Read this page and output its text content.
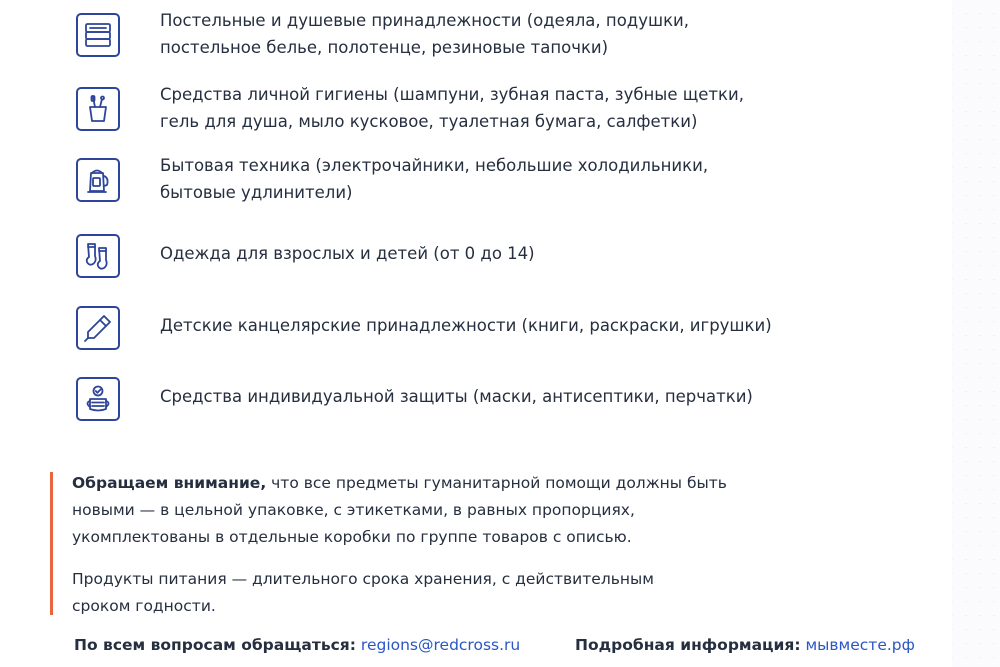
Постельные и душевые принадлежности (одеяла, подушки,
постельное белье, полотенце, резиновые тапочки)
Средства личной гигиены (шампуни, зубная паста, зубные щетки,
гель для душа, мыло кусковое, туалетная бумага, салфетки)
Бытовая техника (электрочайники, небольшие холодильники,
бытовые удлинители)
Одежда для взрослых и детей (от 0 до 14)
Детские канцелярские принадлежности (книги, раскраски, игрушки)
Средства индивидуальной защиты (маски, антисептики, перчатки)
Обращаем внимание, что все предметы гуманитарной помощи должны быть новыми — в цельной упаковке, с этикетками, в равных пропорциях, укомплектованы в отдельные коробки по группе товаров с описью.
Продукты питания — длительного срока хранения, с действительным
сроком годности.
По всем вопросам обращаться: regions@redcross.ru	Подробная информация: мывместе.рф
